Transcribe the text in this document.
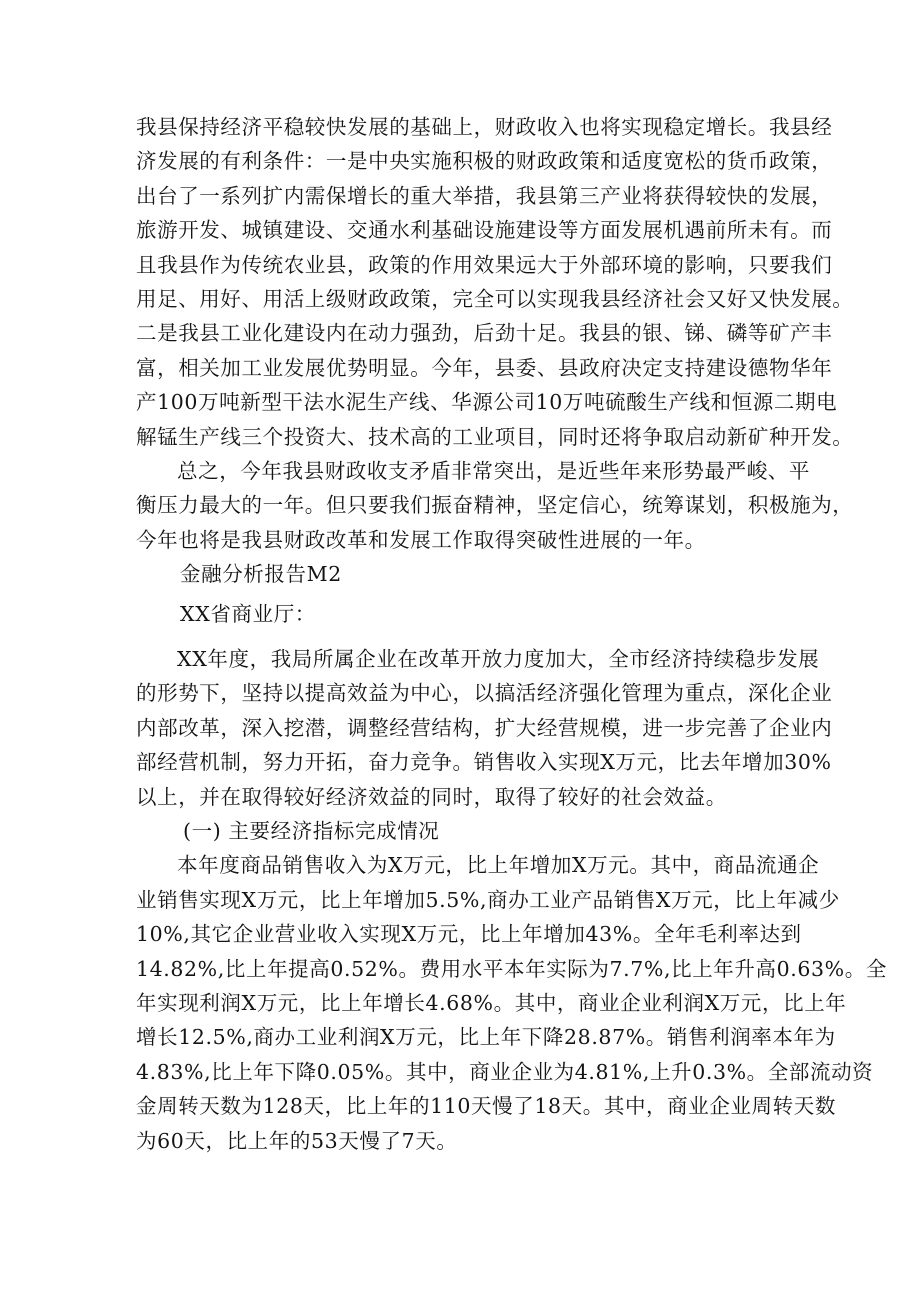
我县保持经济平稳较快发展的基础上，财政收入也将实现稳定增长。我县经
济发展的有利条件：一是中央实施积极的财政政策和适度宽松的货币政策，
出台了一系列扩内需保增长的重大举措，我县第三产业将获得较快的发展，
旅游开发、城镇建设、交通水利基础设施建设等方面发展机遇前所未有。而
且我县作为传统农业县，政策的作用效果远大于外部环境的影响，只要我们
用足、用好、用活上级财政政策，完全可以实现我县经济社会又好又快发展。
二是我县工业化建设内在动力强劲，后劲十足。我县的银、锑、磷等矿产丰
富，相关加工业发展优势明显。今年，县委、县政府决定支持建设德物华年
产100万吨新型干法水泥生产线、华源公司10万吨硫酸生产线和恒源二期电
解锰生产线三个投资大、技术高的工业项目，同时还将争取启动新矿种开发。
总之，今年我县财政收支矛盾非常突出，是近些年来形势最严峻、平
衡压力最大的一年。但只要我们振奋精神，坚定信心，统筹谋划，积极施为，
今年也将是我县财政改革和发展工作取得突破性进展的一年。
金融分析报告M2
XX省商业厅：
XX年度，我局所属企业在改革开放力度加大，全市经济持续稳步发展
的形势下，坚持以提高效益为中心，以搞活经济强化管理为重点，深化企业
内部改革，深入挖潜，调整经营结构，扩大经营规模，进一步完善了企业内
部经营机制，努力开拓，奋力竞争。销售收入实现X万元，比去年增加30%
以上，并在取得较好经济效益的同时，取得了较好的社会效益。
(一) 主要经济指标完成情况
本年度商品销售收入为X万元，比上年增加X万元。其中，商品流通企
业销售实现X万元，比上年增加5.5%,商办工业产品销售X万元，比上年减少
10%,其它企业营业收入实现X万元，比上年增加43%。全年毛利率达到
14.82%,比上年提高0.52%。费用水平本年实际为7.7%,比上年升高0.63%。全
年实现利润X万元，比上年增长4.68%。其中，商业企业利润X万元，比上年
增长12.5%,商办工业利润X万元，比上年下降28.87%。销售利润率本年为
4.83%,比上年下降0.05%。其中，商业企业为4.81%,上升0.3%。全部流动资
金周转天数为128天，比上年的110天慢了18天。其中，商业企业周转天数
为60天，比上年的53天慢了7天。
